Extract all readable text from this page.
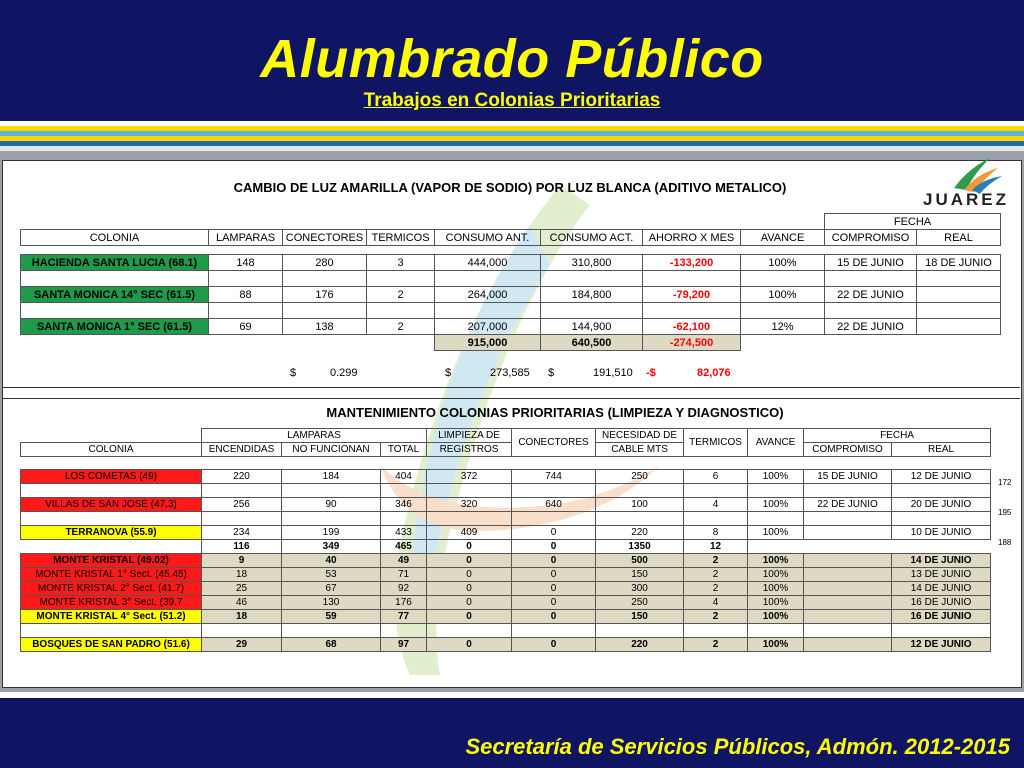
Alumbrado Público
Trabajos en Colonias Prioritarias
JUAREZ
CAMBIO DE LUZ AMARILLA (VAPOR DE SODIO) POR LUZ BLANCA (ADITIVO METALICO)
								FECHA	
COLONIA	LAMPARAS	CONECTORES	TERMICOS	CONSUMO ANT.	CONSUMO ACT.	AHORRO X MES	AVANCE	COMPROMISO	REAL

HACIENDA SANTA LUCIA (68.1)	148	280	3	444,000	310,800	-133,200	100%	15 DE JUNIO	18 DE JUNIO

SANTA MONICA 14° SEC (61.5)	88	176	2	264,000	184,800	-79,200	100%	22 DE JUNIO	

SANTA MONICA 1° SEC (61.5)	69	138	2	207,000	144,900	-62,100	12%	22 DE JUNIO	
				915,000	640,500	-274,500			
$	0.299	$	273,585 $	191,510 -$	82,076
MANTENIMIENTO COLONIAS PRIORITARIAS (LIMPIEZA Y DIAGNOSTICO)
	LAMPARAS			LIMPIEZA DE	CONECTORES	NECESIDAD DE	TERMICOS	AVANCE	FECHA	
COLONIA	ENCENDIDAS	NO FUNCIONAN	TOTAL	REGISTROS		CABLE MTS			COMPROMISO	REAL

LOS COMETAS (49)	220	184	404	372	744	250	6	100%	15 DE JUNIO	12 DE JUNIO

VILLAS DE SAN JOSE (47.3)	256	90	346	320	640	100	4	100%	22 DE JUNIO	20 DE JUNIO

TERRANOVA (55.9)	234	199	433	409	0	220	8	100%		10 DE JUNIO
	116	349	465	0	0	1350	12			
MONTE KRISTAL (49.02)	9	40	49	0	0	500	2	100%		14 DE JUNIO
MONTE KRISTAL 1° Sect. (45.45)	18	53	71	0	0	150	2	100%		13 DE JUNIO
MONTE KRISTAL 2° Sect. (41.7)	25	67	92	0	0	300	2	100%		14 DE JUNIO
MONTE KRISTAL 3° Sect. (39.7	46	130	176	0	0	250	4	100%		16 DE JUNIO
MONTE KRISTAL 4° Sect. (51.2)	18	59	77	0	0	150	2	100%		16 DE JUNIO

BOSQUES DE SAN PADRO (51.6)	29	68	97	0	0	220	2	100%		12 DE JUNIO
172
195
188
Secretaría de Servicios Públicos, Admón. 2012-2015
